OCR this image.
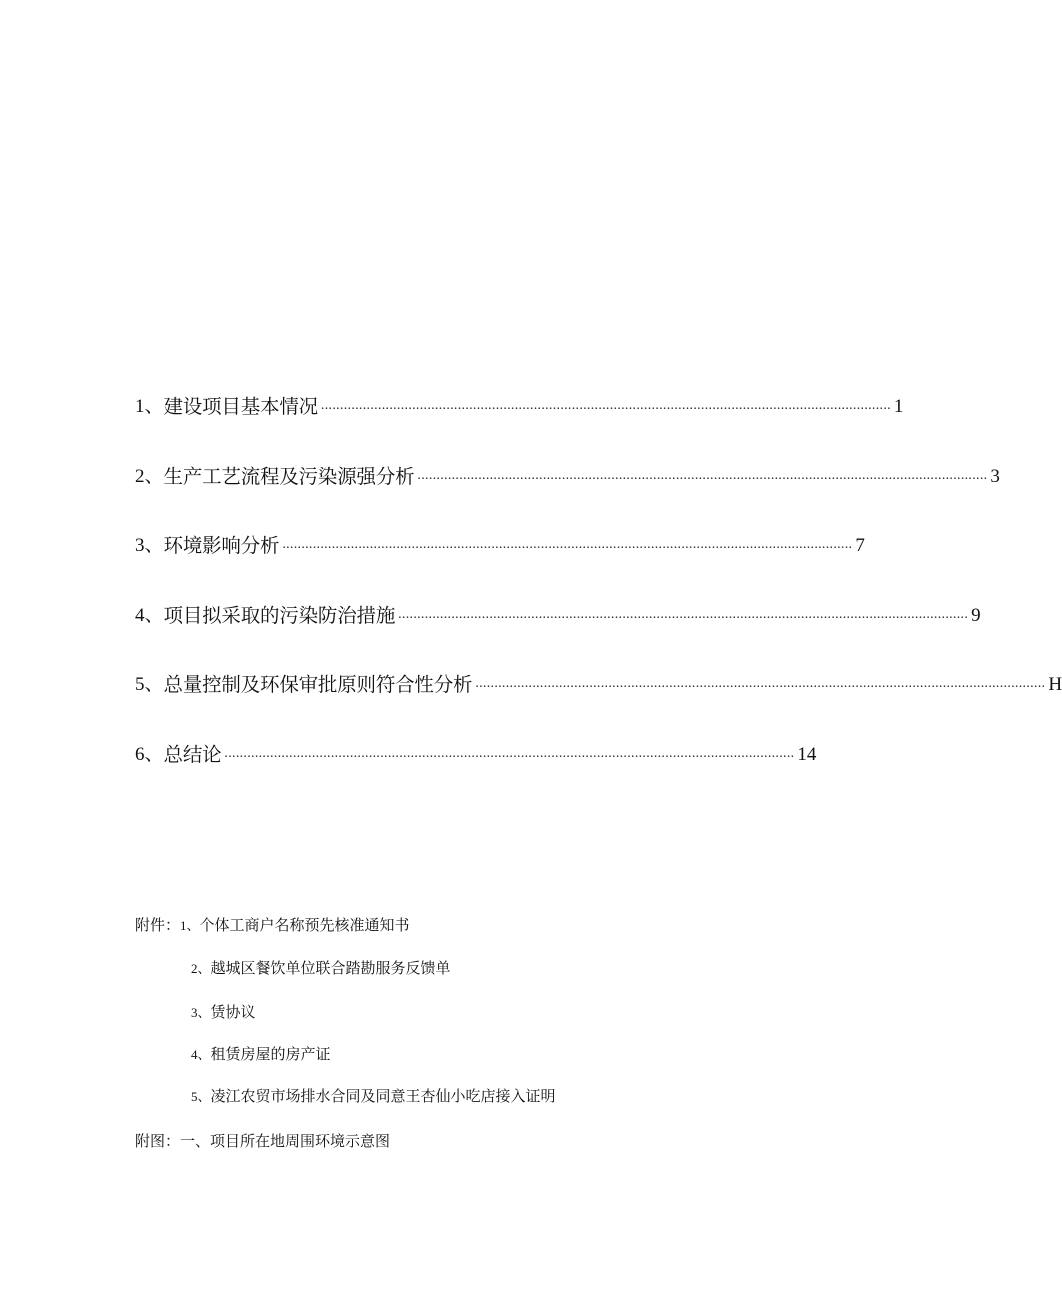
1、 建设项目基本情况 ...................................................................................................................................................... 1
2、 生产工艺流程及污染源强分析 ...................................................................................................................................................... 3
3、 环境影响分析 ...................................................................................................................................................... 7
4、 项目拟采取的污染防治措施 ...................................................................................................................................................... 9
5、 总量控制及环保审批原则符合性分析 ...................................................................................................................................................... H
6、 总结论 ...................................................................................................................................................... 14
附件：1、个体工商户名称预先核准通知书
2、越城区餐饮单位联合踏勘服务反馈单
3、赁协议
4、租赁房屋的房产证
5、凌江农贸市场排水合同及同意王杏仙小吃店接入证明
附图：一、项目所在地周围环境示意图
